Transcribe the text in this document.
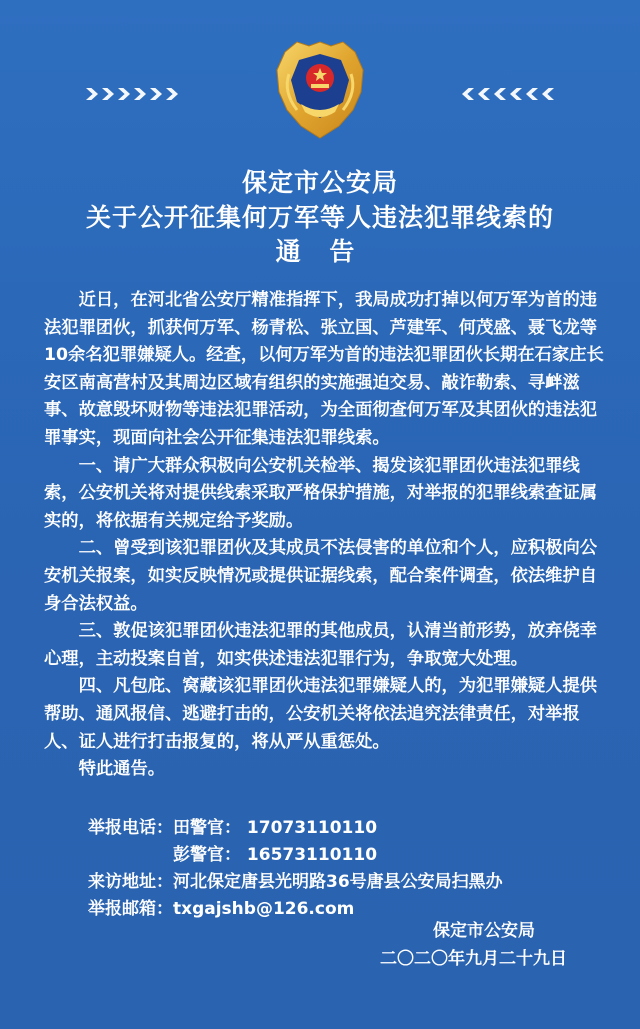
保定市公安局
关于公开征集何万军等人违法犯罪线索的
通 告

近日，在河北省公安厅精准指挥下，我局成功打掉以何万军为首的违法犯罪团伙，抓获何万军、杨青松、张立国、芦建军、何茂盛、聂飞龙等10余名犯罪嫌疑人。经查，以何万军为首的违法犯罪团伙长期在石家庄长安区南高营村及其周边区域有组织的实施强迫交易、敲诈勒索、寻衅滋事、故意毁坏财物等违法犯罪活动，为全面彻查何万军及其团伙的违法犯罪事实，现面向社会公开征集违法犯罪线索。

一、请广大群众积极向公安机关检举、揭发该犯罪团伙违法犯罪线索，公安机关将对提供线索采取严格保护措施，对举报的犯罪线索查证属实的，将依据有关规定给予奖励。

二、曾受到该犯罪团伙及其成员不法侵害的单位和个人，应积极向公安机关报案，如实反映情况或提供证据线索，配合案件调查，依法维护自身合法权益。

三、敦促该犯罪团伙违法犯罪的其他成员，认清当前形势，放弃侥幸心理，主动投案自首，如实供述违法犯罪行为，争取宽大处理。

四、凡包庇、窝藏该犯罪团伙违法犯罪嫌疑人的，为犯罪嫌疑人提供帮助、通风报信、逃避打击的，公安机关将依法追究法律责任，对举报人、证人进行打击报复的，将从严从重惩处。

特此通告。

举报电话：田警官： 17073110110
彭警官： 16573110110
来访地址：河北保定唐县光明路36号唐县公安局扫黑办
举报邮箱：txgajshb@126.com
保定市公安局
二〇二〇年九月二十九日
